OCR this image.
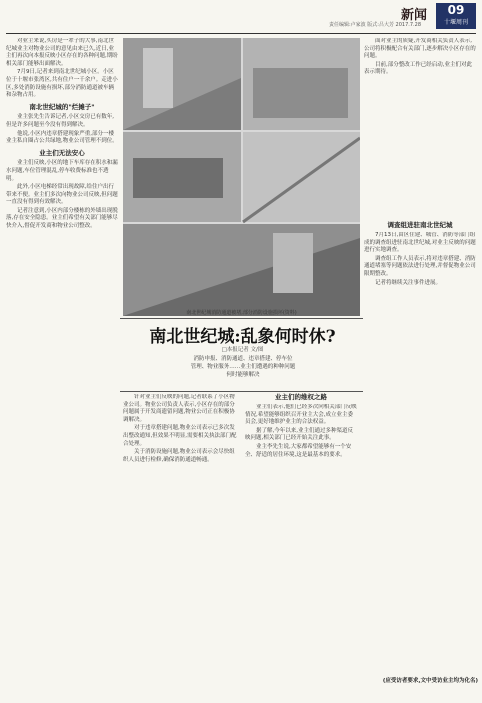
新闻
责任编辑:卢家波 版式:吕大芳 2017.7.28
09
十堰周刊

对业主来说,买房是一辈子的大事,南北世纪城业主对物业公司的意见由来已久,近日,业主们再次向本报反映小区存在的各种问题,期盼相关部门能够出面解决。

7月9日,记者来到南北世纪城小区。小区位于十堰市张湾区,共有住户一千余户。走进小区,多处消防设施有损坏,部分消防通道被车辆和杂物占用。

南北世纪城的"烂摊子"

业主张先生告诉记者,小区交房已有数年,但是许多问题至今没有得到解决。

他说,小区内违章搭建现象严重,部分一楼业主私自圈占公共绿地,物业公司管理不到位。

业主们无法安心

业主们反映,小区的地下车库存在积水和漏水问题,车位管理混乱,停车收费标准也不透明。

此外,小区电梯经常出现故障,给住户出行带来不便。业主们多次向物业公司反映,但问题一直没有得到有效解决。

记者注意到,小区内部分楼栋的外墙出现脱落,存在安全隐患。业主们希望有关部门能够尽快介入,督促开发商和物业公司整改。

南北世纪城消防通道被堵,部分消防设施损坏(资料)
南北世纪城:乱象何时休?
□本报记者 文/图
消防申报、消防通道、违章搭建、停车位
管理、物业服务……业主们遭遇的种种问题
何时能够解决

针对业主们反映的问题,记者联系了小区物业公司。物业公司负责人表示,小区存在的部分问题属于开发商遗留问题,物业公司正在积极协调解决。

对于违章搭建问题,物业公司表示已多次发出整改通知,但效果不明显,需要相关执法部门配合处理。

关于消防设施问题,物业公司表示会尽快组织人员进行检修,确保消防通道畅通。

业主们的维权之路

业主们表示,他们已经多次向相关部门反映情况,希望能够组织召开业主大会,成立业主委员会,更好地维护业主的合法权益。

据了解,今年以来,业主们通过多种渠道反映问题,相关部门已经开始关注此事。

业主李先生说,大家都希望能够有一个安全、舒适的居住环境,这是最基本的要求。

面对业主的质疑,开发商相关负责人表示,公司将积极配合有关部门,逐步解决小区存在的问题。

目前,部分整改工作已经启动,业主们对此表示期待。

调查组进驻南北世纪城

7月13日,由区住建、城管、消防等部门组成的调查组进驻南北世纪城,对业主反映的问题进行实地调查。

调查组工作人员表示,将对违章搭建、消防通道堵塞等问题依法进行处理,并督促物业公司限期整改。

记者将继续关注事件进展。

(应受访者要求,文中受访业主均为化名)
